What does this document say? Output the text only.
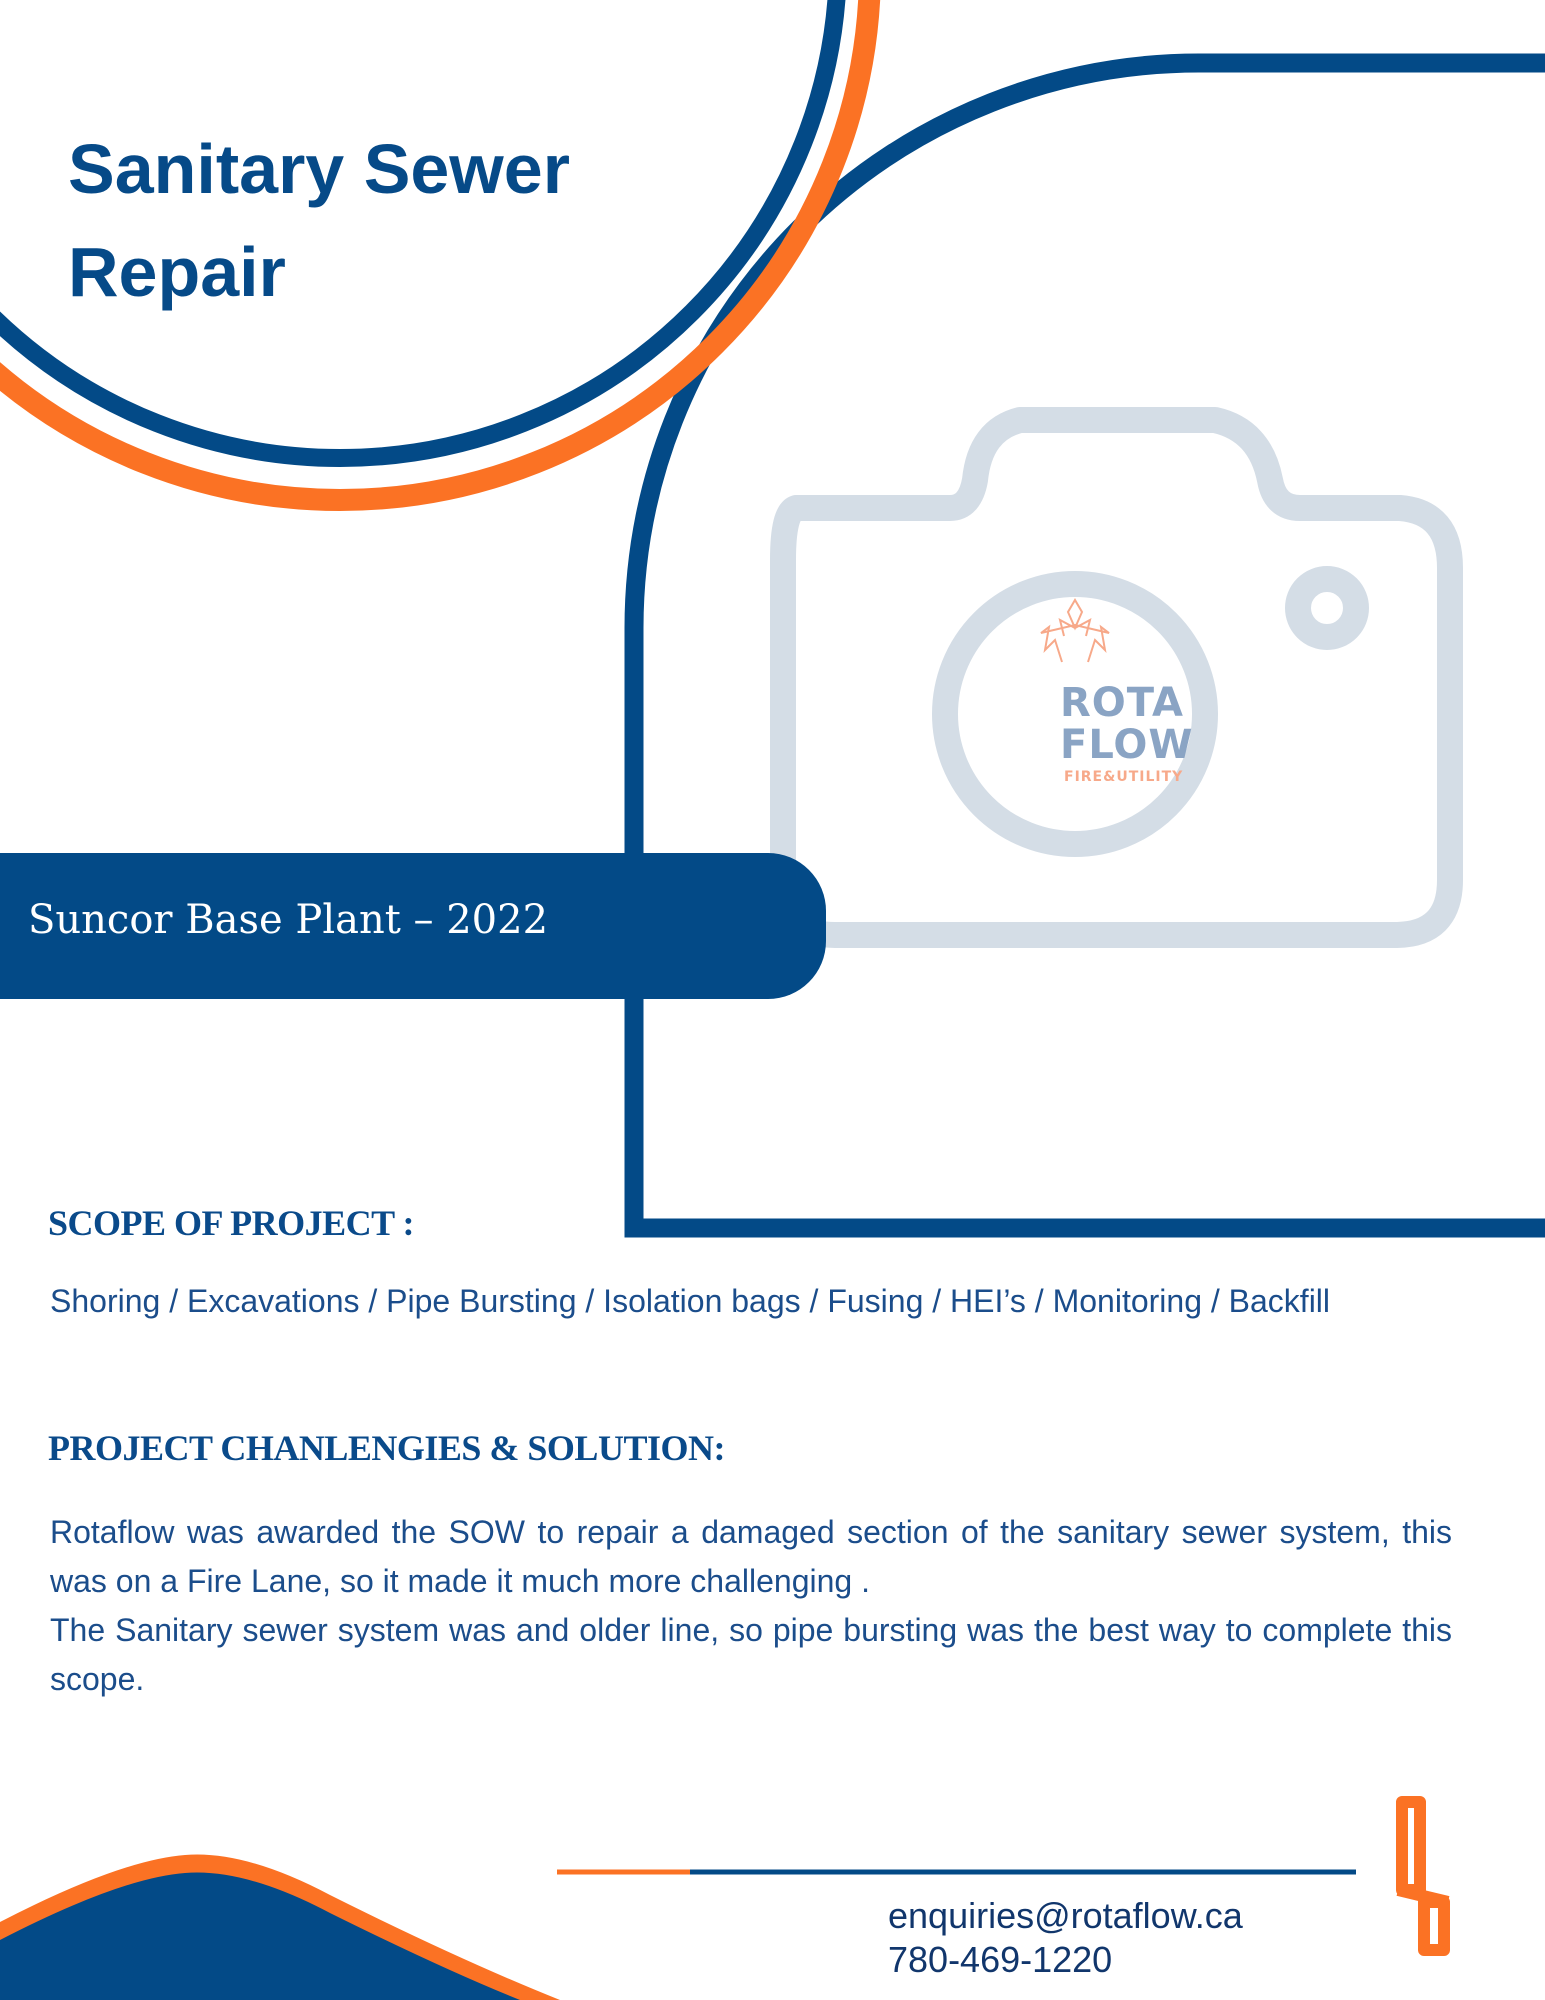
ROTA
FLOW
FIRE&UTILITY
Sanitary Sewer Repair
Suncor Base Plant – 2022
SCOPE OF PROJECT :

Shoring / Excavations / Pipe Bursting / Isolation bags / Fusing / HEI’s / Monitoring / Backfill

PROJECT CHANLENGIES & SOLUTION:

Rotaflow was awarded the SOW to repair a damaged section of the sanitary sewer system, this was on a Fire Lane, so it made it much more challenging .

The Sanitary sewer system was and older line, so pipe bursting was the best way to complete this scope.

enquiries@rotaflow.ca
780-469-1220
